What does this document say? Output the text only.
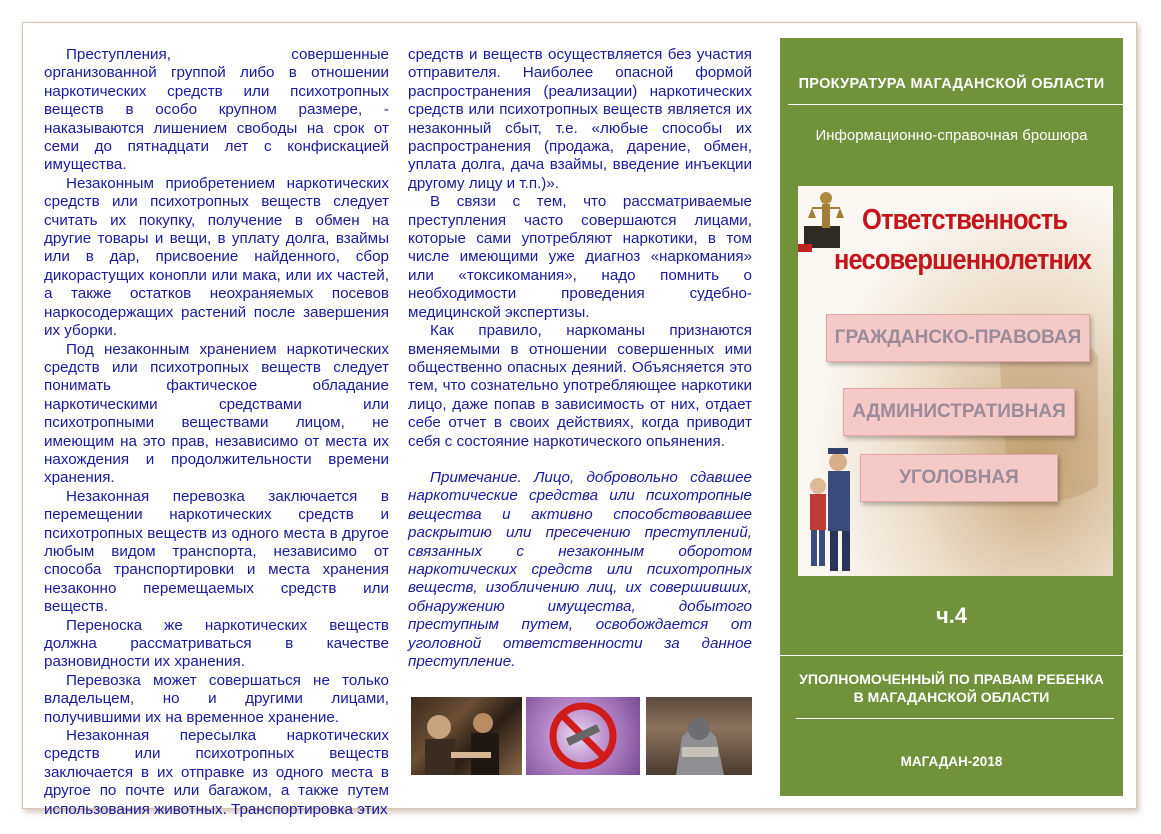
Преступления, совершенные организованной группой либо в отношении наркотических средств или психотропных веществ в особо крупном размере, - наказываются лишением свободы на срок от семи до пятнадцати лет с конфискацией имущества.

Незаконным приобретением наркотических средств или психотропных веществ следует считать их покупку, получение в обмен на другие товары и вещи, в уплату долга, взаймы или в дар, присвоение найденного, сбор дикорастущих конопли или мака, или их частей, а также остатков неохраняемых посевов наркосодержащих растений после завершения их уборки.

Под незаконным хранением наркотических средств или психотропных веществ следует понимать фактическое обладание наркотическими средствами или психотропными веществами лицом, не имеющим на это прав, независимо от места их нахождения и продолжительности времени хранения.

Незаконная перевозка заключается в перемещении наркотических средств и психотропных веществ из одного места в другое любым видом транспорта, независимо от способа транспортировки и места хранения незаконно перемещаемых средств или веществ.

Переноска же наркотических веществ должна рассматриваться в качестве разновидности их хранения.

Перевозка может совершаться не только владельцем, но и другими лицами, получившими их на временное хранение.

Незаконная пересылка наркотических средств или психотропных веществ заключается в их отправке из одного места в другое по почте или багажом, а также путем использования животных. Транспортировка этих

средств и веществ осуществляется без участия отправителя. Наиболее опасной формой распространения (реализации) наркотических средств или психотропных веществ является их незаконный сбыт, т.е. «любые способы их распространения (продажа, дарение, обмен, уплата долга, дача взаймы, введение инъекции другому лицу и т.п.)».

В связи с тем, что рассматриваемые преступления часто совершаются лицами, которые сами употребляют наркотики, в том числе имеющими уже диагноз «наркомания» или «токсикомания», надо помнить о необходимости проведения судебно-медицинской экспертизы.

Как правило, наркоманы признаются вменяемыми в отношении совершенных ими общественно опасных деяний. Объясняется это тем, что сознательно употребляющее наркотики лицо, даже попав в зависимость от них, отдает себе отчет в своих действиях, когда приводит себя с состояние наркотического опьянения.

Примечание. Лицо, добровольно сдавшее наркотические средства или психотропные вещества и активно способствовавшее раскрытию или пресечению преступлений, связанных с незаконным оборотом наркотических средств или психотропных веществ, изобличению лиц, их совершивших, обнаружению имущества, добытого преступным путем, освобождается от уголовной ответственности за данное преступление.

ПРОКУРАТУРА МАГАДАНСКОЙ ОБЛАСТИ
Информационно-справочная брошюра
Ответственность
несовершеннолетних
ГРАЖДАНСКО-ПРАВОВАЯ
АДМИНИСТРАТИВНАЯ
УГОЛОВНАЯ
ч.4
УПОЛНОМОЧЕННЫЙ ПО ПРАВАМ РЕБЕНКА
В МАГАДАНСКОЙ ОБЛАСТИ
МАГАДАН-2018
